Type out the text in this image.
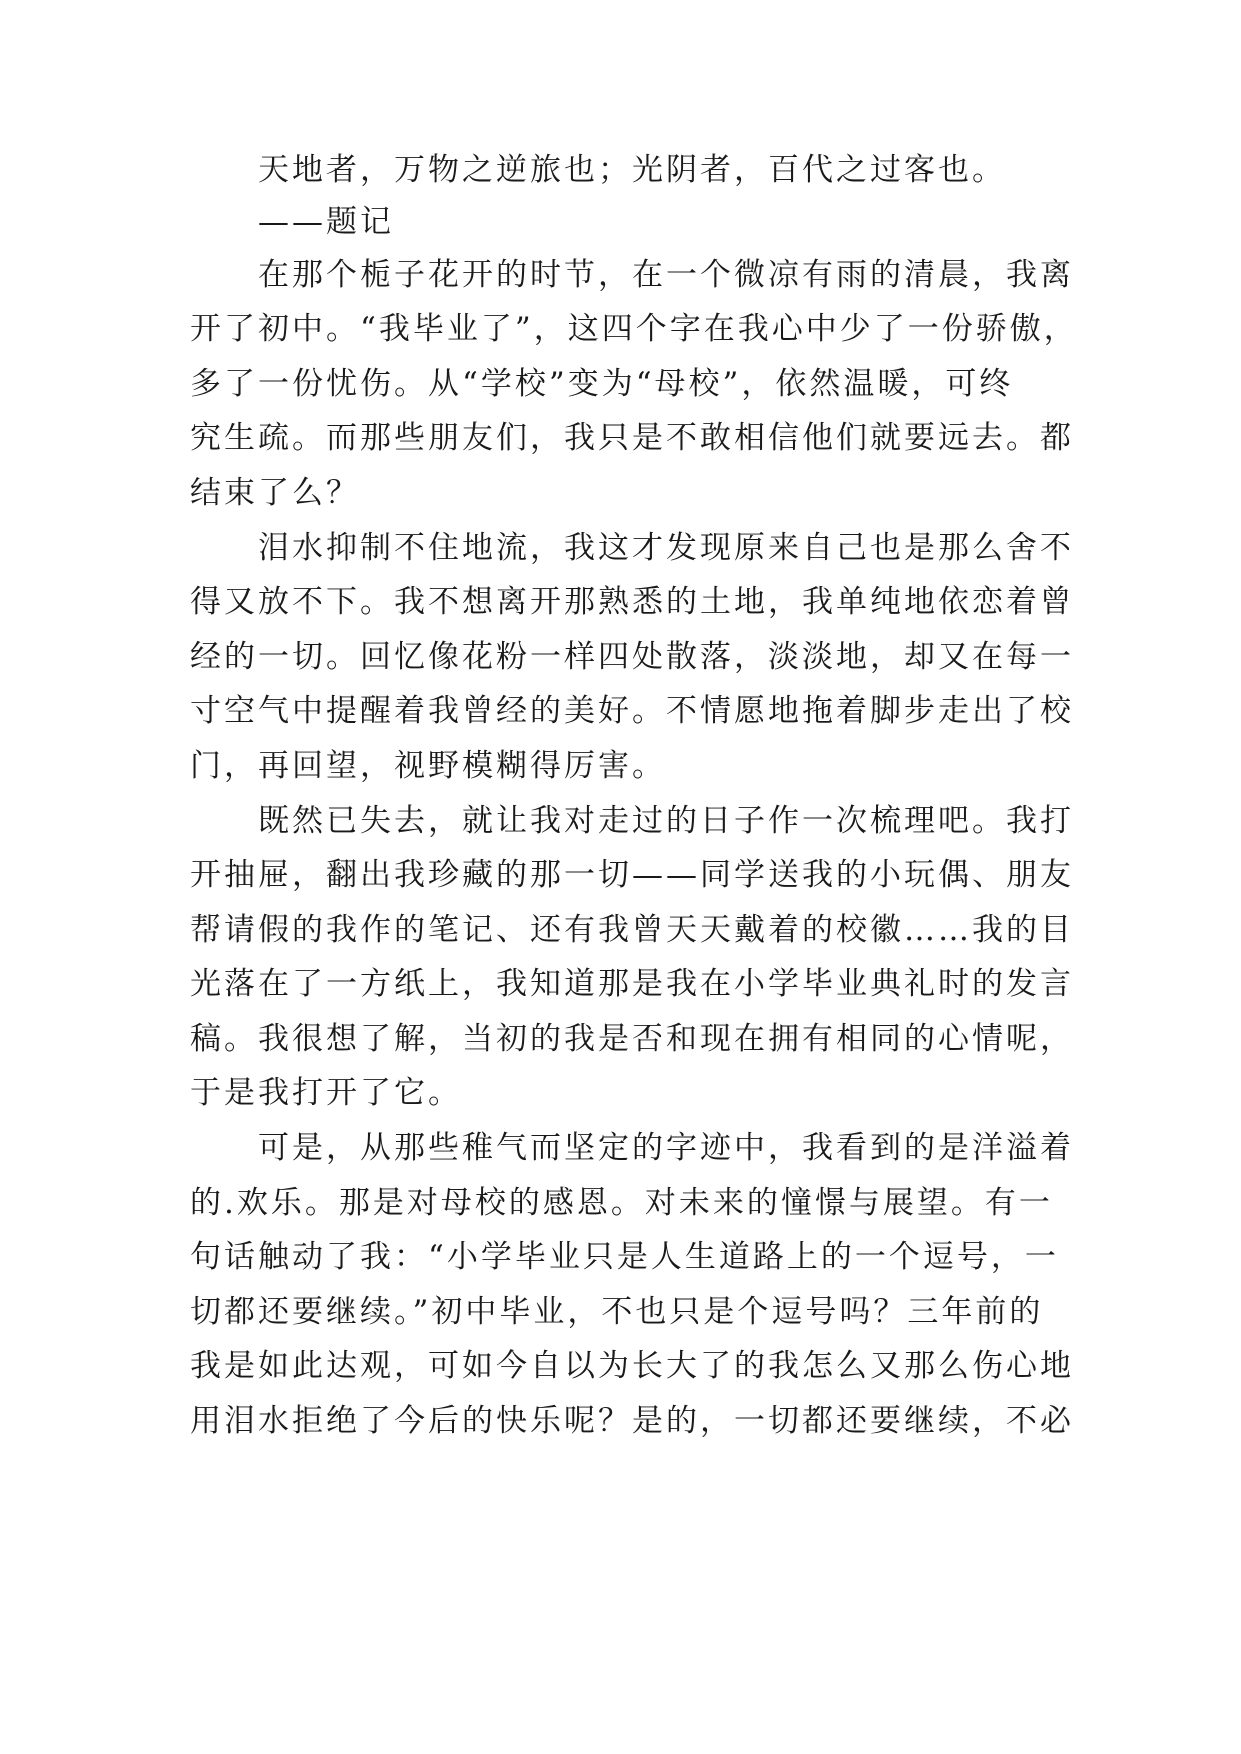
天地者，万物之逆旅也；光阴者，百代之过客也。
——题记
在那个栀子花开的时节，在一个微凉有雨的清晨，我离
开了初中。“我毕业了”，这四个字在我心中少了一份骄傲，
多了一份忧伤。从“学校”变为“母校”，依然温暖，可终
究生疏。而那些朋友们，我只是不敢相信他们就要远去。都
结束了么？
泪水抑制不住地流，我这才发现原来自己也是那么舍不
得又放不下。我不想离开那熟悉的土地，我单纯地依恋着曾
经的一切。回忆像花粉一样四处散落，淡淡地，却又在每一
寸空气中提醒着我曾经的美好。不情愿地拖着脚步走出了校
门，再回望，视野模糊得厉害。
既然已失去，就让我对走过的日子作一次梳理吧。我打
开抽屉，翻出我珍藏的那一切——同学送我的小玩偶、朋友
帮请假的我作的笔记、还有我曾天天戴着的校徽……我的目
光落在了一方纸上，我知道那是我在小学毕业典礼时的发言
稿。我很想了解，当初的我是否和现在拥有相同的心情呢，
于是我打开了它。
可是，从那些稚气而坚定的字迹中，我看到的是洋溢着
的.欢乐。那是对母校的感恩。对未来的憧憬与展望。有一
句话触动了我：“小学毕业只是人生道路上的一个逗号，一
切都还要继续。”初中毕业，不也只是个逗号吗？三年前的
我是如此达观，可如今自以为长大了的我怎么又那么伤心地
用泪水拒绝了今后的快乐呢？是的，一切都还要继续，不必
